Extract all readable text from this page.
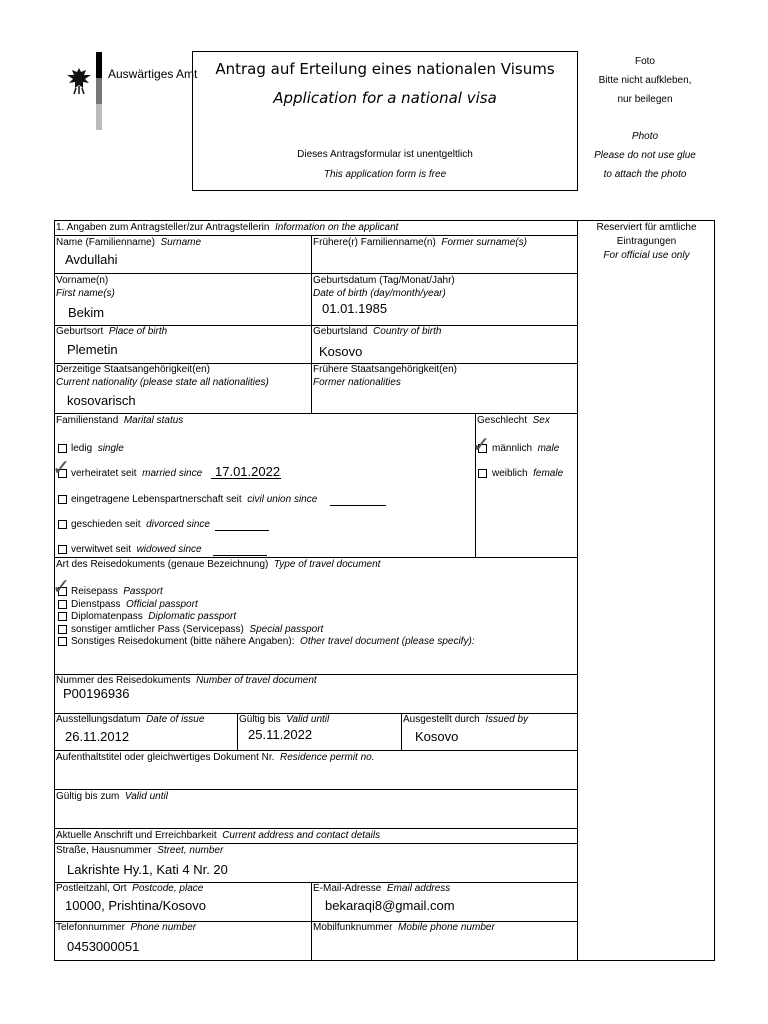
Auswärtiges Amt	Antrag auf Erteilung eines nationalen Visums
Application for a national visa
Dieses Antragsformular ist unentgeltlich
This application form is free
Foto
Bitte nicht aufkleben,
nur beilegen
Photo
Please do not use glue
to attach the photo
Reserviert für amtliche
Eintragungen
For official use only
1. Angaben zum Antragsteller/zur Antragstellerin Information on the applicant
Name (Familienname) Surname
Avdullahi
Frühere(r) Familienname(n) Former surname(s)
Vorname(n)
First name(s)
Bekim
Geburtsdatum (Tag/Monat/Jahr)
Date of birth (day/month/year)
01.01.1985
Geburtsort Place of birth
Plemetin
Geburtsland Country of birth
Kosovo
Derzeitige Staatsangehörigkeit(en)
Current nationality (please state all nationalities)
kosovarisch
Frühere Staatsangehörigkeit(en)
Former nationalities
Familienstand Marital status
ledig single
✓ verheiratet seit married since 17.01.2022
eingetragene Lebenspartnerschaft seit civil union since
geschieden seit divorced since
verwitwet seit widowed since
Geschlecht Sex
✓ männlich male
weiblich female
Art des Reisedokuments (genaue Bezeichnung) Type of travel document
✓ Reisepass Passport
Dienstpass Official passport
Diplomatenpass Diplomatic passport
sonstiger amtlicher Pass (Servicepass) Special passport
Sonstiges Reisedokument (bitte nähere Angaben): Other travel document (please specify):
Nummer des Reisedokuments Number of travel document
P00196936
Ausstellungsdatum Date of issue
26.11.2012
Gültig bis Valid until
25.11.2022
Ausgestellt durch Issued by
Kosovo
Aufenthaltstitel oder gleichwertiges Dokument Nr. Residence permit no.
Gültig bis zum Valid until
Aktuelle Anschrift und Erreichbarkeit Current address and contact details
Straße, Hausnummer Street, number
Lakrishte Hy.1, Kati 4 Nr. 20
Postleitzahl, Ort Postcode, place
10000, Prishtina/Kosovo
E-Mail-Adresse Email address
bekaraqi8@gmail.com
Telefonnummer Phone number
0453000051
Mobilfunknummer Mobile phone number
